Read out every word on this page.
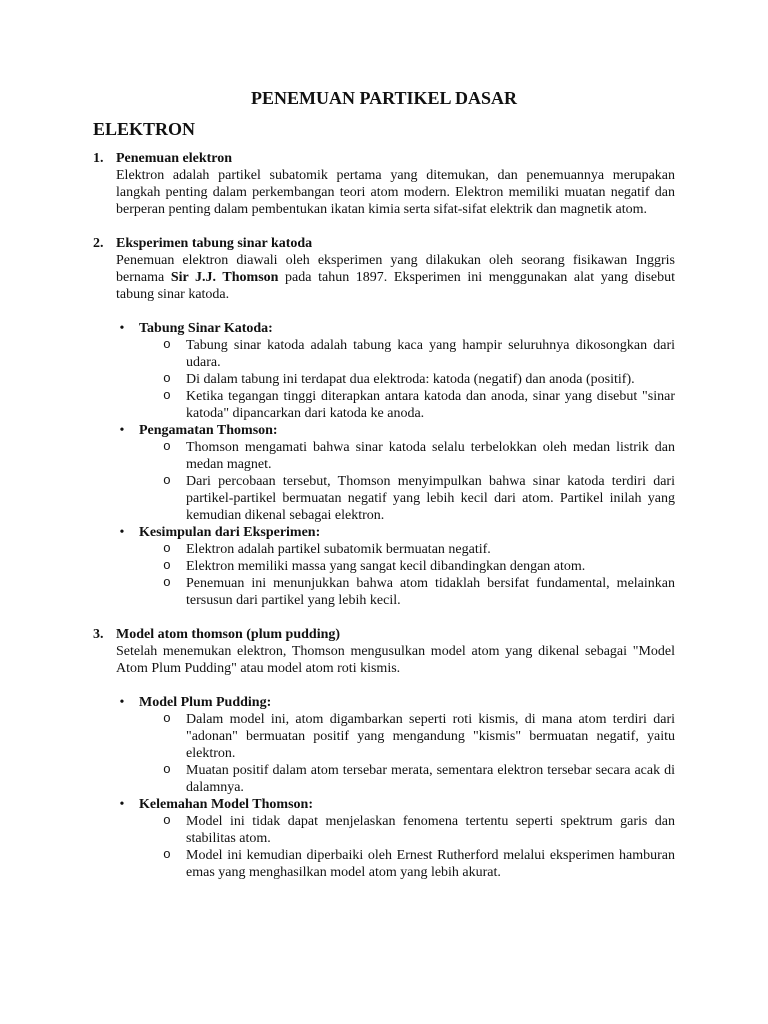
PENEMUAN PARTIKEL DASAR
ELEKTRON
1. Penemuan elektron
Elektron adalah partikel subatomik pertama yang ditemukan, dan penemuannya merupakan langkah penting dalam perkembangan teori atom modern. Elektron memiliki muatan negatif dan berperan penting dalam pembentukan ikatan kimia serta sifat-sifat elektrik dan magnetik atom.
2. Eksperimen tabung sinar katoda
Penemuan elektron diawali oleh eksperimen yang dilakukan oleh seorang fisikawan Inggris bernama Sir J.J. Thomson pada tahun 1897. Eksperimen ini menggunakan alat yang disebut tabung sinar katoda.
• Tabung Sinar Katoda:
o Tabung sinar katoda adalah tabung kaca yang hampir seluruhnya dikosongkan dari udara.
o Di dalam tabung ini terdapat dua elektroda: katoda (negatif) dan anoda (positif).
o Ketika tegangan tinggi diterapkan antara katoda dan anoda, sinar yang disebut "sinar katoda" dipancarkan dari katoda ke anoda.
• Pengamatan Thomson:
o Thomson mengamati bahwa sinar katoda selalu terbelokkan oleh medan listrik dan medan magnet.
o Dari percobaan tersebut, Thomson menyimpulkan bahwa sinar katoda terdiri dari partikel-partikel bermuatan negatif yang lebih kecil dari atom. Partikel inilah yang kemudian dikenal sebagai elektron.
• Kesimpulan dari Eksperimen:
o Elektron adalah partikel subatomik bermuatan negatif.
o Elektron memiliki massa yang sangat kecil dibandingkan dengan atom.
o Penemuan ini menunjukkan bahwa atom tidaklah bersifat fundamental, melainkan tersusun dari partikel yang lebih kecil.
3. Model atom thomson (plum pudding)
Setelah menemukan elektron, Thomson mengusulkan model atom yang dikenal sebagai "Model Atom Plum Pudding" atau model atom roti kismis.
• Model Plum Pudding:
o Dalam model ini, atom digambarkan seperti roti kismis, di mana atom terdiri dari "adonan" bermuatan positif yang mengandung "kismis" bermuatan negatif, yaitu elektron.
o Muatan positif dalam atom tersebar merata, sementara elektron tersebar secara acak di dalamnya.
• Kelemahan Model Thomson:
o Model ini tidak dapat menjelaskan fenomena tertentu seperti spektrum garis dan stabilitas atom.
o Model ini kemudian diperbaiki oleh Ernest Rutherford melalui eksperimen hamburan emas yang menghasilkan model atom yang lebih akurat.
